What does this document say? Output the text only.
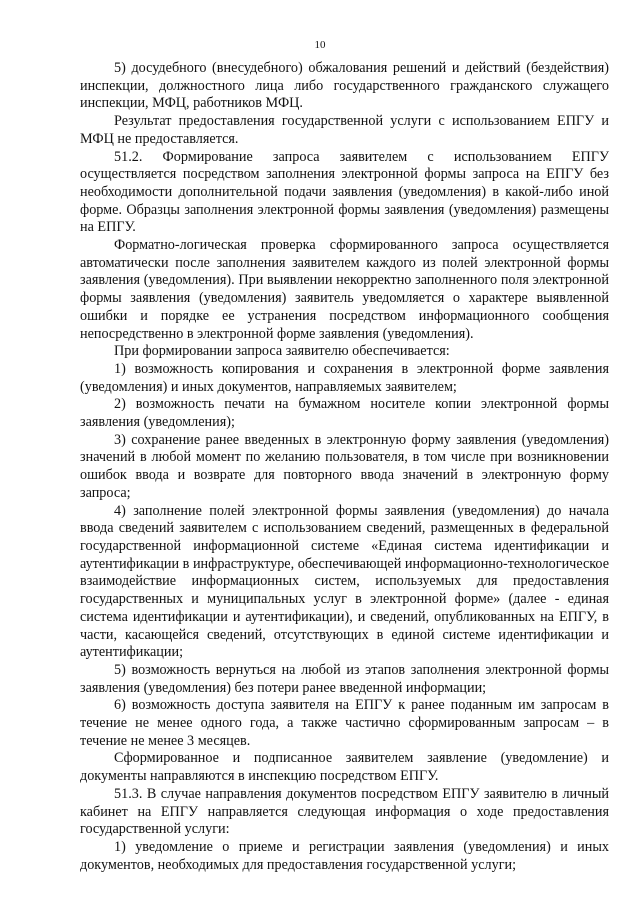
10

5) досудебного (внесудебного) обжалования решений и действий (бездействия) инспекции, должностного лица либо государственного гражданского служащего инспекции, МФЦ, работников МФЦ.

Результат предоставления государственной услуги с использованием ЕПГУ и МФЦ не предоставляется.

51.2. Формирование запроса заявителем с использованием ЕПГУ осуществляется посредством заполнения электронной формы запроса на ЕПГУ без необходимости дополнительной подачи заявления (уведомления) в какой-либо иной форме. Образцы заполнения электронной формы заявления (уведомления) размещены на ЕПГУ.

Форматно-логическая проверка сформированного запроса осуществляется автоматически после заполнения заявителем каждого из полей электронной формы заявления (уведомления). При выявлении некорректно заполненного поля электронной формы заявления (уведомления) заявитель уведомляется о характере выявленной ошибки и порядке ее устранения посредством информационного сообщения непосредственно в электронной форме заявления (уведомления).

При формировании запроса заявителю обеспечивается:

1) возможность копирования и сохранения в электронной форме заявления (уведомления) и иных документов, направляемых заявителем;

2) возможность печати на бумажном носителе копии электронной формы заявления (уведомления);

3) сохранение ранее введенных в электронную форму заявления (уведомления) значений в любой момент по желанию пользователя, в том числе при возникновении ошибок ввода и возврате для повторного ввода значений в электронную форму запроса;

4) заполнение полей электронной формы заявления (уведомления) до начала ввода сведений заявителем с использованием сведений, размещенных в федеральной государственной информационной системе «Единая система идентификации и аутентификации в инфраструктуре, обеспечивающей информационно-технологическое взаимодействие информационных систем, используемых для предоставления государственных и муниципальных услуг в электронной форме» (далее - единая система идентификации и аутентификации), и сведений, опубликованных на ЕПГУ, в части, касающейся сведений, отсутствующих в единой системе идентификации и аутентификации;

5) возможность вернуться на любой из этапов заполнения электронной формы заявления (уведомления) без потери ранее введенной информации;

6) возможность доступа заявителя на ЕПГУ к ранее поданным им запросам в течение не менее одного года, а также частично сформированным запросам – в течение не менее 3 месяцев.

Сформированное и подписанное заявителем заявление (уведомление) и документы направляются в инспекцию посредством ЕПГУ.

51.3. В случае направления документов посредством ЕПГУ заявителю в личный кабинет на ЕПГУ направляется следующая информация о ходе предоставления государственной услуги:

1) уведомление о приеме и регистрации заявления (уведомления) и иных документов, необходимых для предоставления государственной услуги;
